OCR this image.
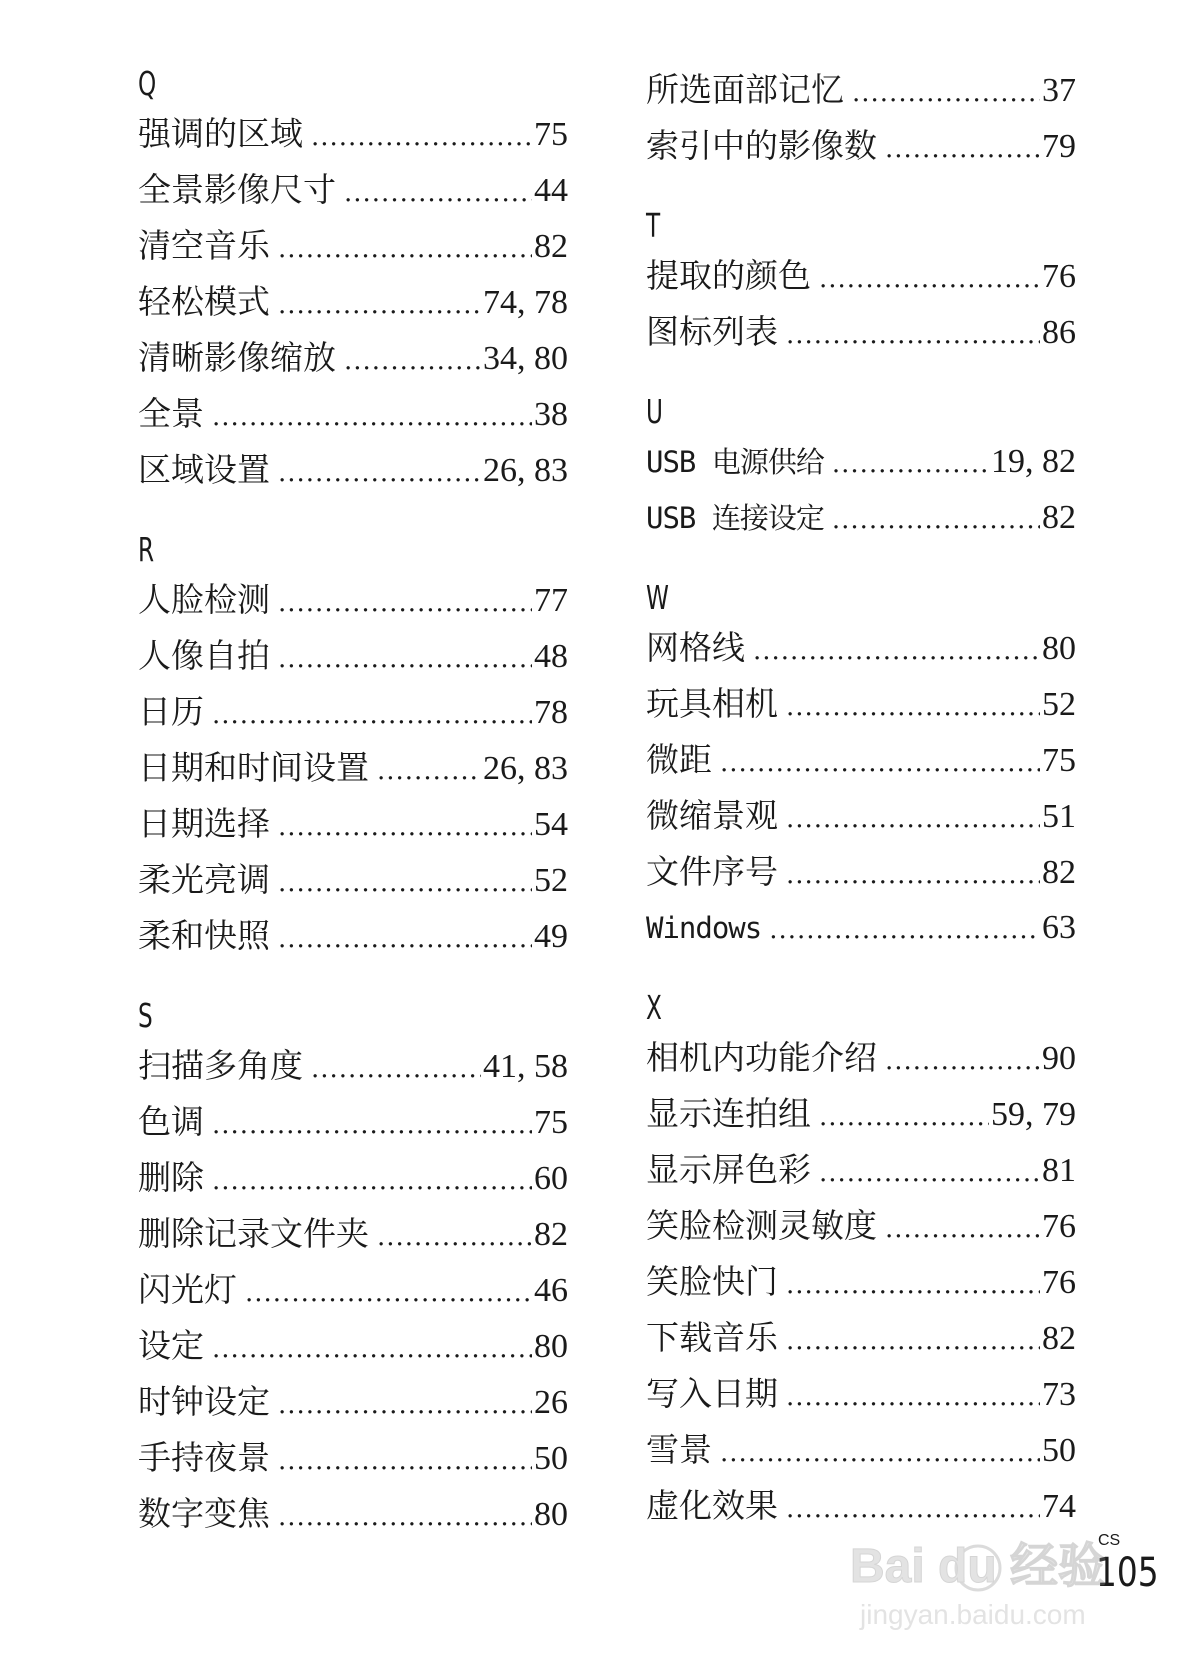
Q
强调的区域 .....	75
全景影像尺寸 .....	44
清空音乐 .....	82
轻松模式 .....	74, 78
清晰影像缩放 .....	34, 80
全景 .....	38
区域设置 .....	26, 83
R
人脸检测 .....	77
人像自拍 .....	48
日历 .....	78
日期和时间设置 .....	26, 83
日期选择 .....	54
柔光亮调 .....	52
柔和快照 .....	49
S
扫描多角度 .....	41, 58
色调 .....	75
删除 .....	60
删除记录文件夹 .....	82
闪光灯 .....	46
设定 .....	80
时钟设定 .....	26
手持夜景 .....	50
数字变焦 .....	80
所选面部记忆 .....	37
索引中的影像数 .....	79
T
提取的颜色 .....	76
图标列表 .....	86
U
USB 电源供给 .....	19, 82
USB 连接设定 .....	82
W
网格线 .....	80
玩具相机 .....	52
微距 .....	75
微缩景观 .....	51
文件序号 .....	82
Windows .....	63
X
相机内功能介绍 .....	90
显示连拍组 .....	59, 79
显示屏色彩 .....	81
笑脸检测灵敏度 .....	76
笑脸快门 .....	76
下载音乐 .....	82
写入日期 .....	73
雪景 .....	50
虚化效果 .....	74
CS
105
Bai du 经验
jingyan.baidu.com
